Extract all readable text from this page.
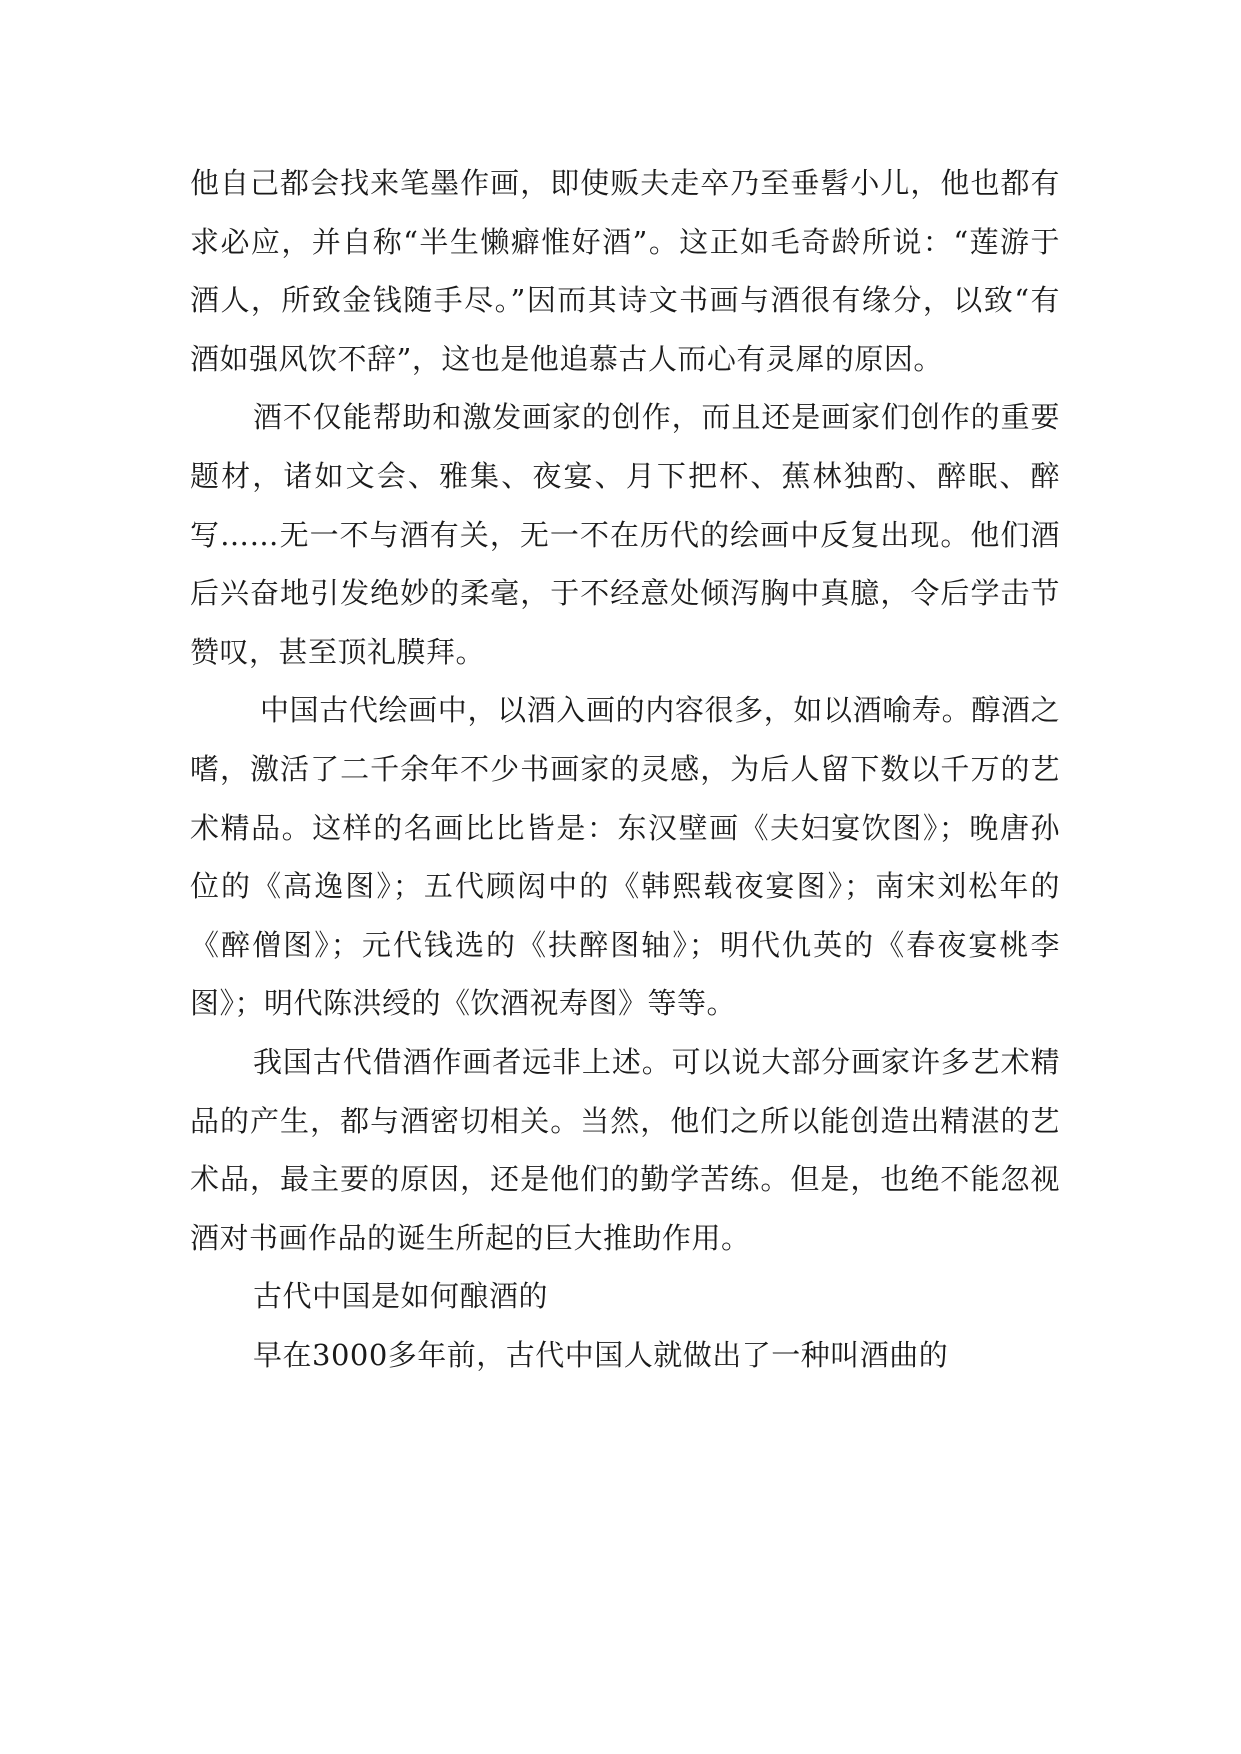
他自己都会找来笔墨作画，即使贩夫走卒乃至垂髫小儿，他也都有求必应，并自称“半生懒癖惟好酒”。这正如毛奇龄所说：“莲游于酒人，所致金钱随手尽。”因而其诗文书画与酒很有缘分，以致“有酒如强风饮不辞”，这也是他追慕古人而心有灵犀的原因。

酒不仅能帮助和激发画家的创作，而且还是画家们创作的重要题材，诸如文会、雅集、夜宴、月下把杯、蕉林独酌、醉眠、醉写……无一不与酒有关，无一不在历代的绘画中反复出现。他们酒后兴奋地引发绝妙的柔毫，于不经意处倾泻胸中真臆，令后学击节赞叹，甚至顶礼膜拜。

中国古代绘画中，以酒入画的内容很多，如以酒喻寿。醇酒之嗜，激活了二千余年不少书画家的灵感，为后人留下数以千万的艺术精品。这样的名画比比皆是：东汉壁画《夫妇宴饮图》；晚唐孙位的《高逸图》；五代顾闳中的《韩熙载夜宴图》；南宋刘松年的《醉僧图》；元代钱选的《扶醉图轴》；明代仇英的《春夜宴桃李图》；明代陈洪绶的《饮酒祝寿图》等等。

我国古代借酒作画者远非上述。可以说大部分画家许多艺术精品的产生，都与酒密切相关。当然，他们之所以能创造出精湛的艺术品，最主要的原因，还是他们的勤学苦练。但是，也绝不能忽视酒对书画作品的诞生所起的巨大推助作用。

古代中国是如何酿酒的

早在3000多年前，古代中国人就做出了一种叫酒曲的
